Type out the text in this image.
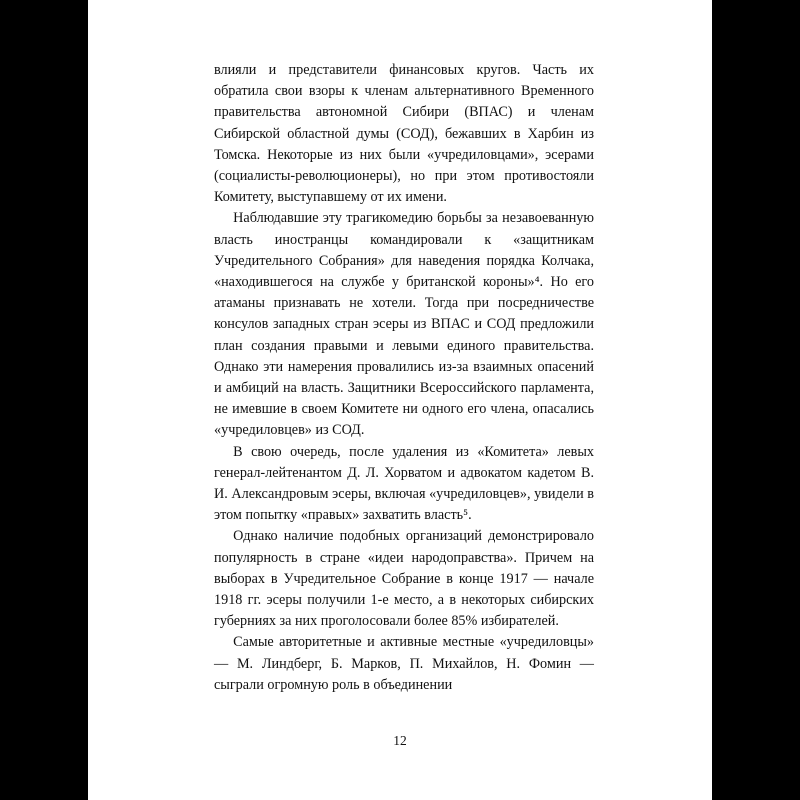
влияли и представители финансовых кругов. Часть их обратила свои взоры к членам альтернативного Временного правительства автономной Сибири (ВПАС) и членам Сибирской областной думы (СОД), бежавших в Харбин из Томска. Некоторые из них были «учредиловцами», эсерами (социалисты-революционеры), но при этом противостояли Комитету, выступавшему от их имени.

Наблюдавшие эту трагикомедию борьбы за незавоеванную власть иностранцы командировали к «защитникам Учредительного Собрания» для наведения порядка Колчака, «находившегося на службе у британской короны»⁴. Но его атаманы признавать не хотели. Тогда при посредничестве консулов западных стран эсеры из ВПАС и СОД предложили план создания правыми и левыми единого правительства. Однако эти намерения провалились из-за взаимных опасений и амбиций на власть. Защитники Всероссийского парламента, не имевшие в своем Комитете ни одного его члена, опасались «учредиловцев» из СОД.

В свою очередь, после удаления из «Комитета» левых генерал-лейтенантом Д. Л. Хорватом и адвокатом кадетом В. И. Александровым эсеры, включая «учредиловцев», увидели в этом попытку «правых» захватить власть⁵.

Однако наличие подобных организаций демонстрировало популярность в стране «идеи народоправства». Причем на выборах в Учредительное Собрание в конце 1917 — начале 1918 гг. эсеры получили 1-е место, а в некоторых сибирских губерниях за них проголосовали более 85% избирателей.

Самые авторитетные и активные местные «учредиловцы» — М. Линдберг, Б. Марков, П. Михайлов, Н. Фомин — сыграли огромную роль в объединении

12
